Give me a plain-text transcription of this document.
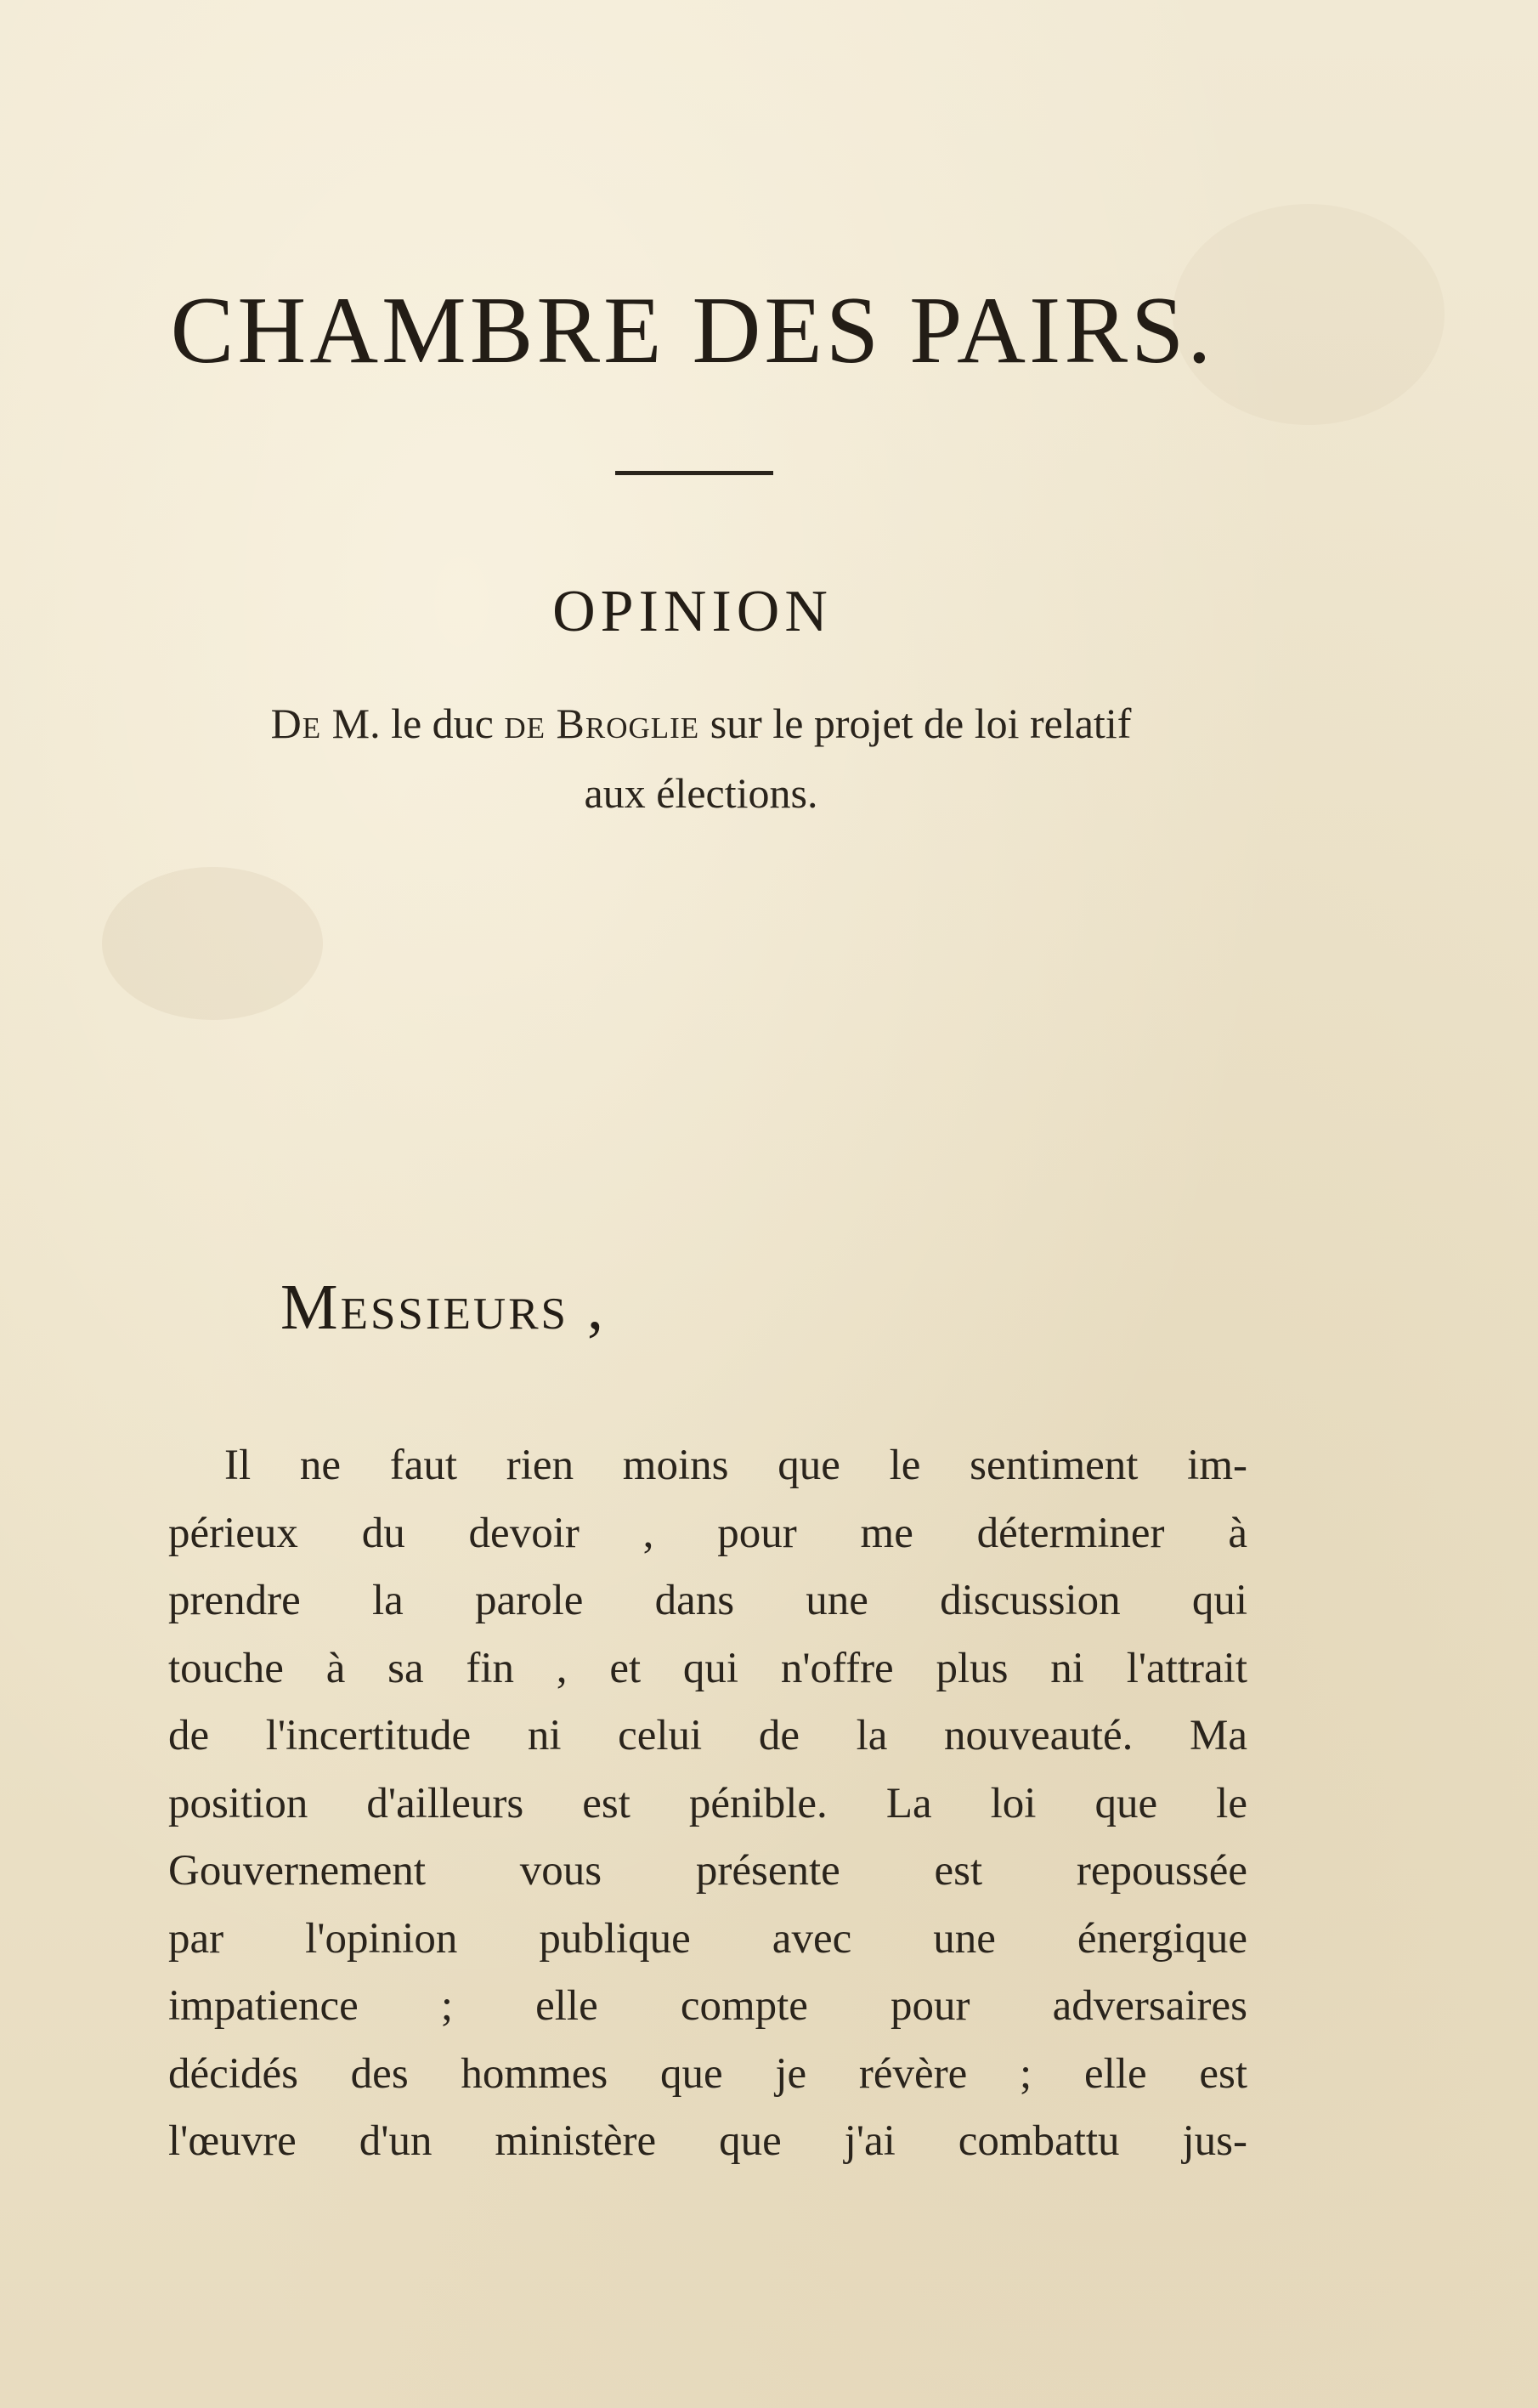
CHAMBRE DES PAIRS.
OPINION
De M. le duc de Broglie sur le projet de loi relatif
aux élections.
Messieurs ,
Il ne faut rien moins que le sentiment im-
périeux du devoir , pour me déterminer à
prendre la parole dans une discussion qui
touche à sa fin , et qui n'offre plus ni l'attrait
de l'incertitude ni celui de la nouveauté. Ma
position d'ailleurs est pénible. La loi que le
Gouvernement vous présente est repoussée
par l'opinion publique avec une énergique
impatience ; elle compte pour adversaires
décidés des hommes que je révère ; elle est
l'œuvre d'un ministère que j'ai combattu jus-
